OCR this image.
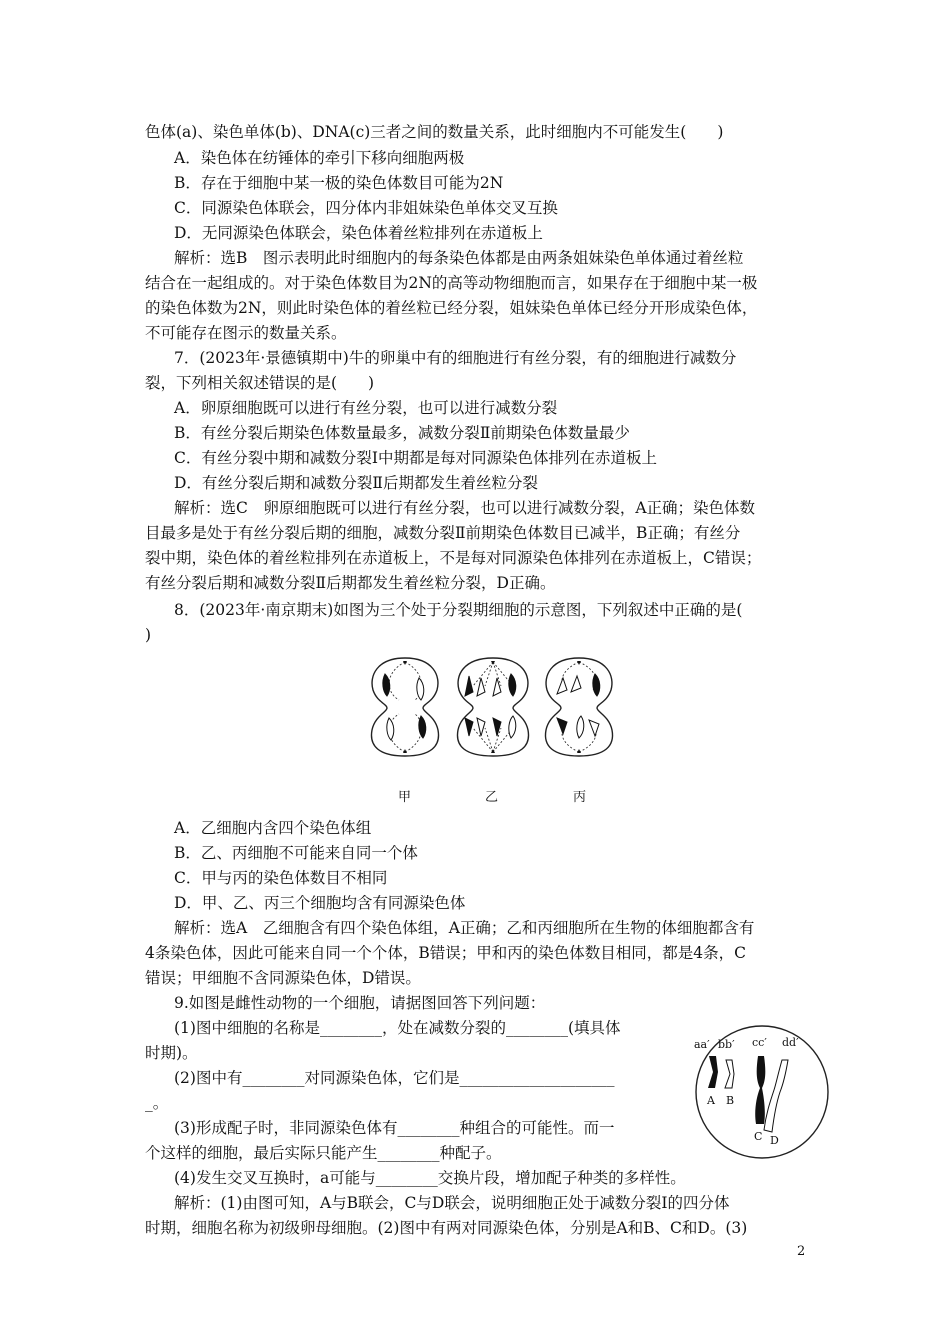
色体(a)、染色单体(b)、DNA(c)三者之间的数量关系，此时细胞内不可能发生(　　)
A．染色体在纺锤体的牵引下移向细胞两极
B．存在于细胞中某一极的染色体数目可能为2N
C．同源染色体联会，四分体内非姐妹染色单体交叉互换
D．无同源染色体联会，染色体着丝粒排列在赤道板上
解析：选B　图示表明此时细胞内的每条染色体都是由两条姐妹染色单体通过着丝粒
结合在一起组成的。对于染色体数目为2N的高等动物细胞而言，如果存在于细胞中某一极
的染色体数为2N，则此时染色体的着丝粒已经分裂，姐妹染色单体已经分开形成染色体，
不可能存在图示的数量关系。
7．(2023年·景德镇期中)牛的卵巢中有的细胞进行有丝分裂，有的细胞进行减数分
裂，下列相关叙述错误的是(　　)
A．卵原细胞既可以进行有丝分裂，也可以进行减数分裂
B．有丝分裂后期染色体数量最多，减数分裂Ⅱ前期染色体数量最少
C．有丝分裂中期和减数分裂Ⅰ中期都是每对同源染色体排列在赤道板上
D．有丝分裂后期和减数分裂Ⅱ后期都发生着丝粒分裂
解析：选C　卵原细胞既可以进行有丝分裂，也可以进行减数分裂，A正确；染色体数
目最多是处于有丝分裂后期的细胞，减数分裂Ⅱ前期染色体数目已减半，B正确；有丝分
裂中期，染色体的着丝粒排列在赤道板上，不是每对同源染色体排列在赤道板上，C错误；
有丝分裂后期和减数分裂Ⅱ后期都发生着丝粒分裂，D正确。
8．(2023年·南京期末)如图为三个处于分裂期细胞的示意图，下列叙述中正确的是(
)
甲	乙	丙
A．乙细胞内含四个染色体组
B．乙、丙细胞不可能来自同一个体
C．甲与丙的染色体数目不相同
D．甲、乙、丙三个细胞均含有同源染色体
解析：选A　乙细胞含有四个染色体组，A正确；乙和丙细胞所在生物的体细胞都含有
4条染色体，因此可能来自同一个个体，B错误；甲和丙的染色体数目相同，都是4条，C
错误；甲细胞不含同源染色体，D错误。
9.如图是雌性动物的一个细胞，请据图回答下列问题：
(1)图中细胞的名称是________，处在减数分裂的________(填具体
时期)。
(2)图中有________对同源染色体，它们是____________________
_。
(3)形成配子时，非同源染色体有________种组合的可能性。而一
个这样的细胞，最后实际只能产生________种配子。
(4)发生交叉互换时，a可能与________交换片段，增加配子种类的多样性。
解析：(1)由图可知，A与B联会，C与D联会，说明细胞正处于减数分裂Ⅰ的四分体
时期，细胞名称为初级卵母细胞。(2)图中有两对同源染色体，分别是A和B、C和D。(3)
aa′ bb′ cc′ dd′
A B
C D
2
